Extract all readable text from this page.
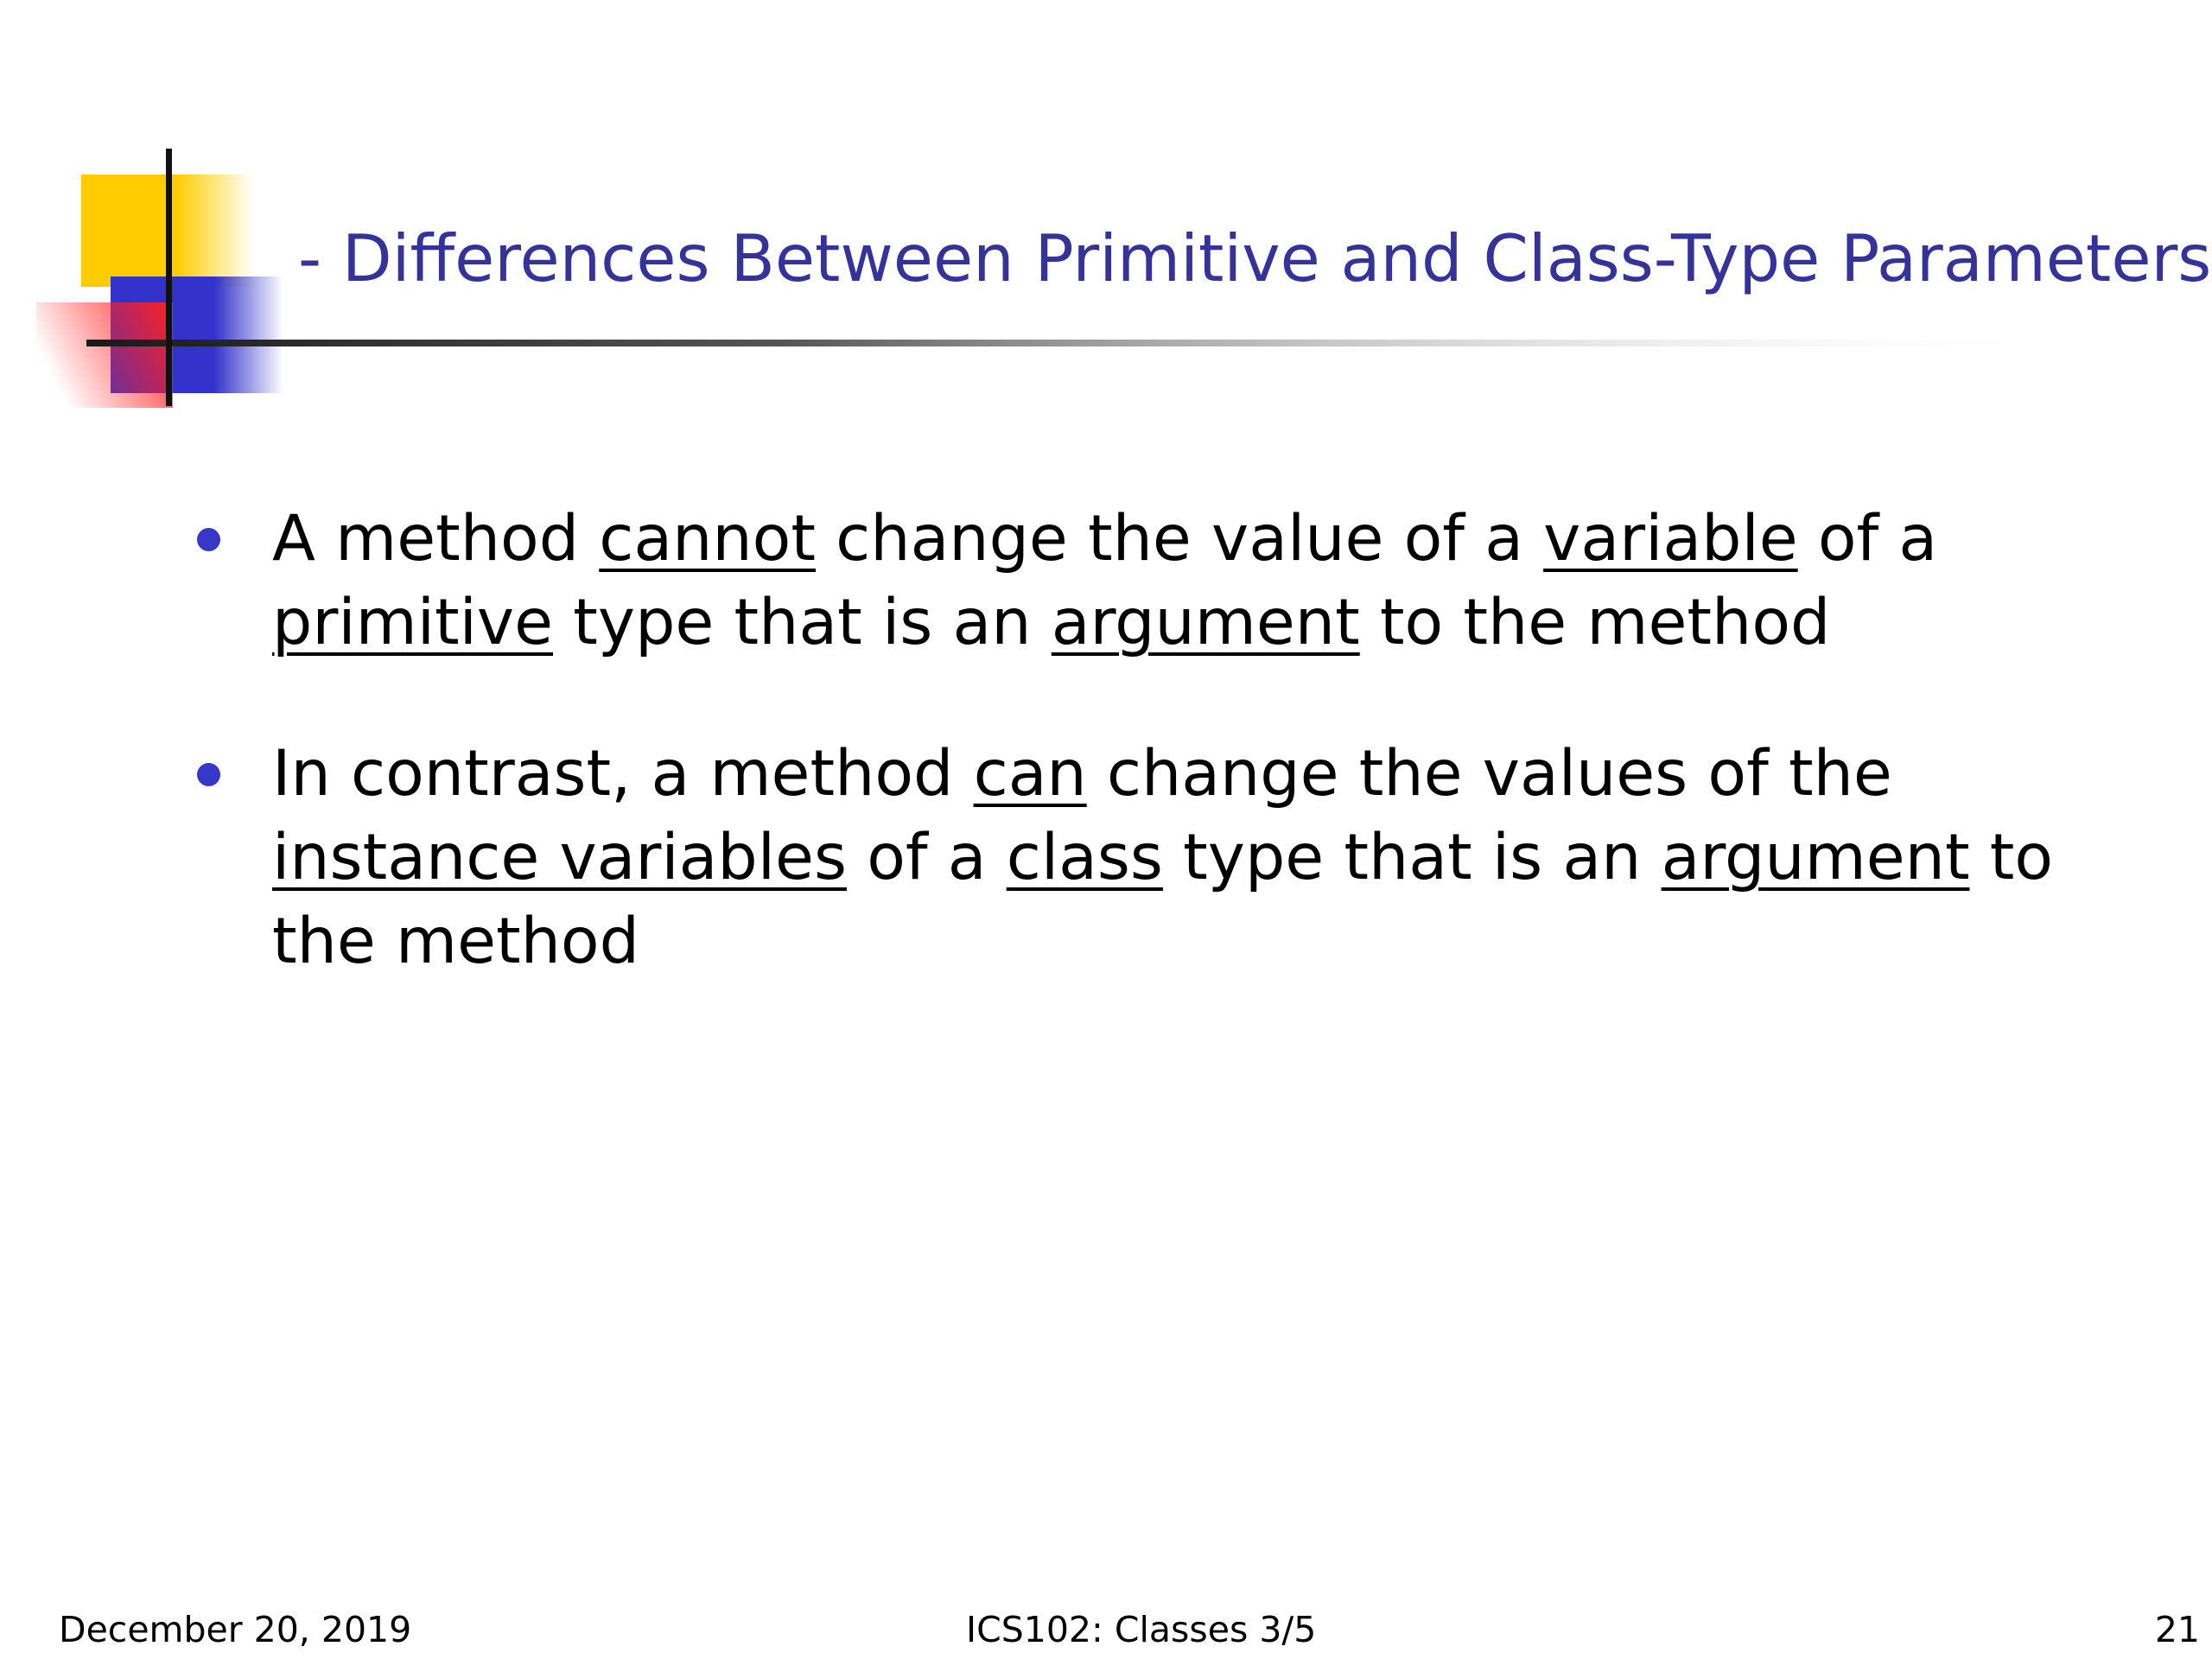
- Differences Between Primitive and Class-Type Parameters
A method cannot change the value of a variable of a primitive type that is an argument to the method
In contrast, a method can change the values of the instance variables of a class type that is an argument to the method
December 20, 2019	ICS102: Classes 3/5	21
